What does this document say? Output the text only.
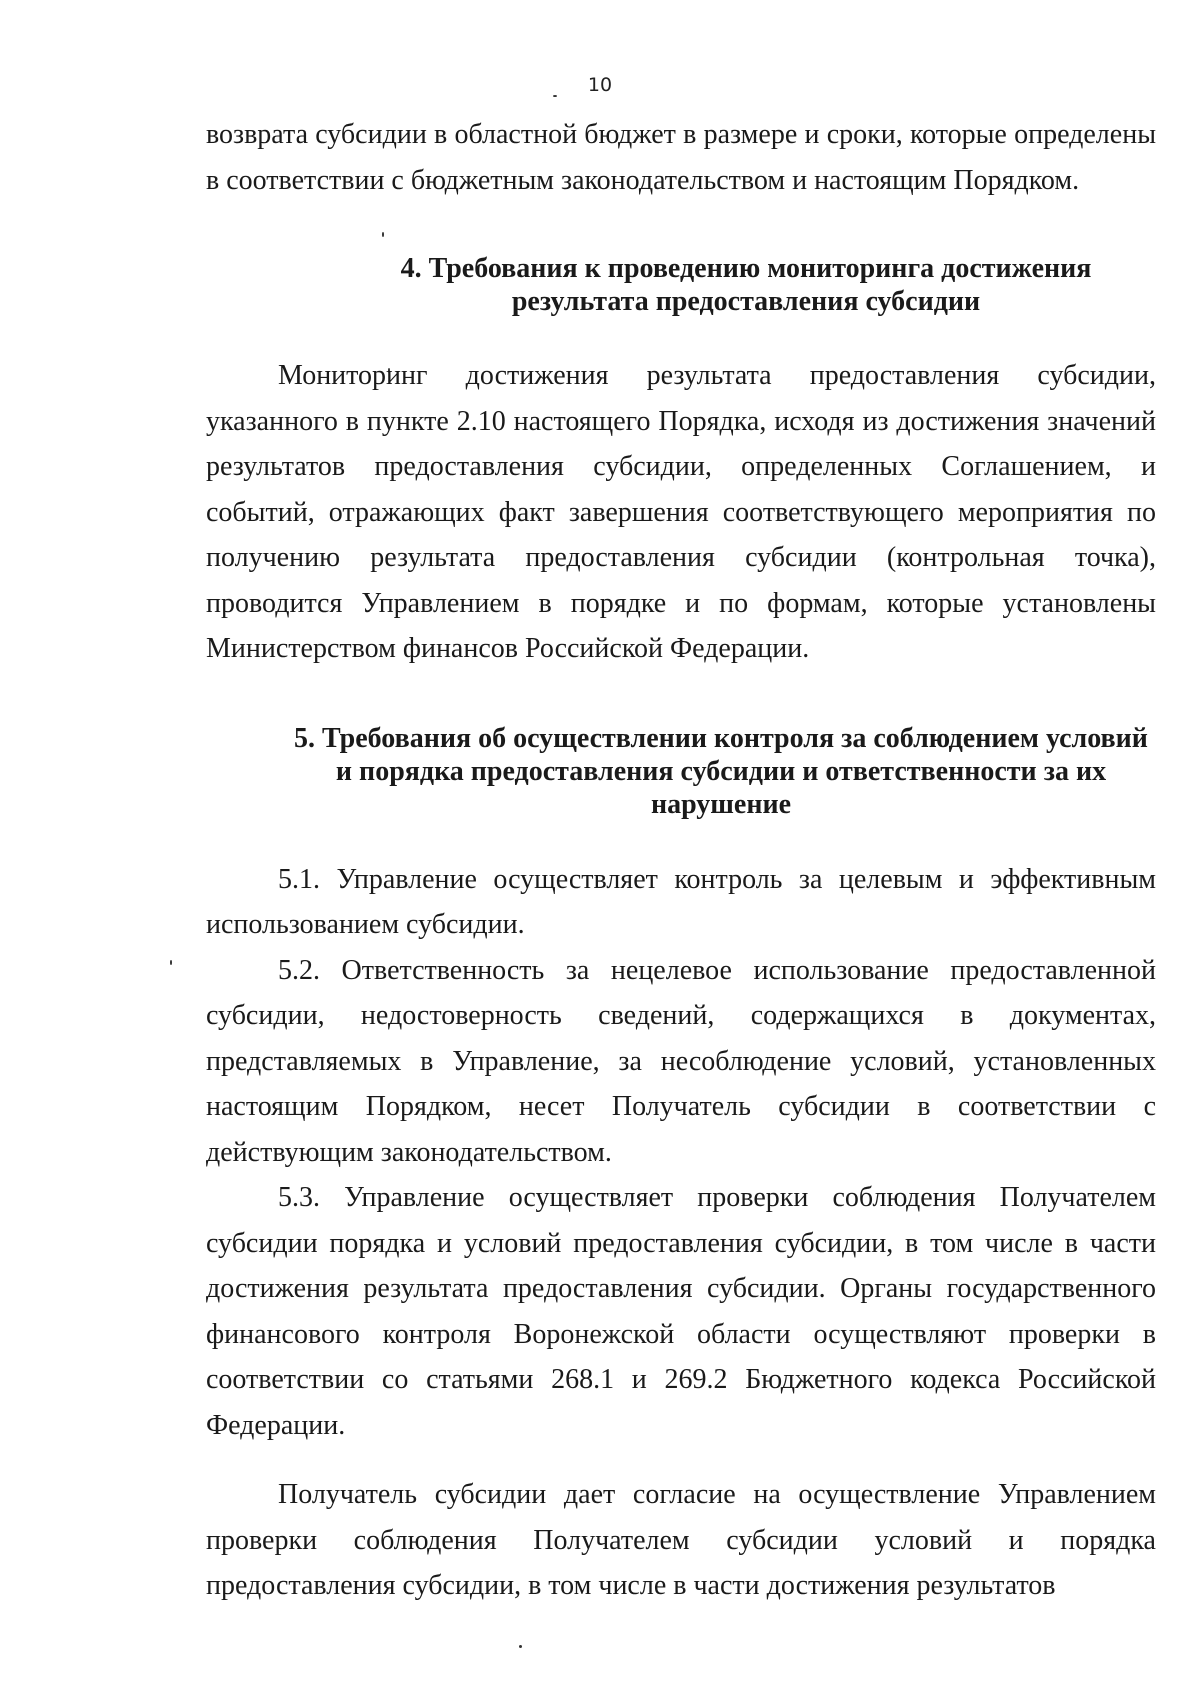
10

возврата субсидии в областной бюджет в размере и сроки, которые определены в соответствии с бюджетным законодательством и настоящим Порядком.

4. Требования к проведению мониторинга достижения результата предоставления субсидии

Мониторинг достижения результата предоставления субсидии, указанного в пункте 2.10 настоящего Порядка, исходя из достижения значений результатов предоставления субсидии, определенных Соглашением, и событий, отражающих факт завершения соответствующего мероприятия по получению результата предоставления субсидии (контрольная точка), проводится Управлением в порядке и по формам, которые установлены Министерством финансов Российской Федерации.

5. Требования об осуществлении контроля за соблюдением условий и порядка предоставления субсидии и ответственности за их нарушение

5.1. Управление осуществляет контроль за целевым и эффективным использованием субсидии.

5.2. Ответственность за нецелевое использование предоставленной субсидии, недостоверность сведений, содержащихся в документах, представляемых в Управление, за несоблюдение условий, установленных настоящим Порядком, несет Получатель субсидии в соответствии с действующим законодательством.

5.3. Управление осуществляет проверки соблюдения Получателем субсидии порядка и условий предоставления субсидии, в том числе в части достижения результата предоставления субсидии. Органы государственного финансового контроля Воронежской области осуществляют проверки в соответствии со статьями 268.1 и 269.2 Бюджетного кодекса Российской Федерации.

Получатель субсидии дает согласие на осуществление Управлением проверки соблюдения Получателем субсидии условий и порядка предоставления субсидии, в том числе в части достижения результатов
